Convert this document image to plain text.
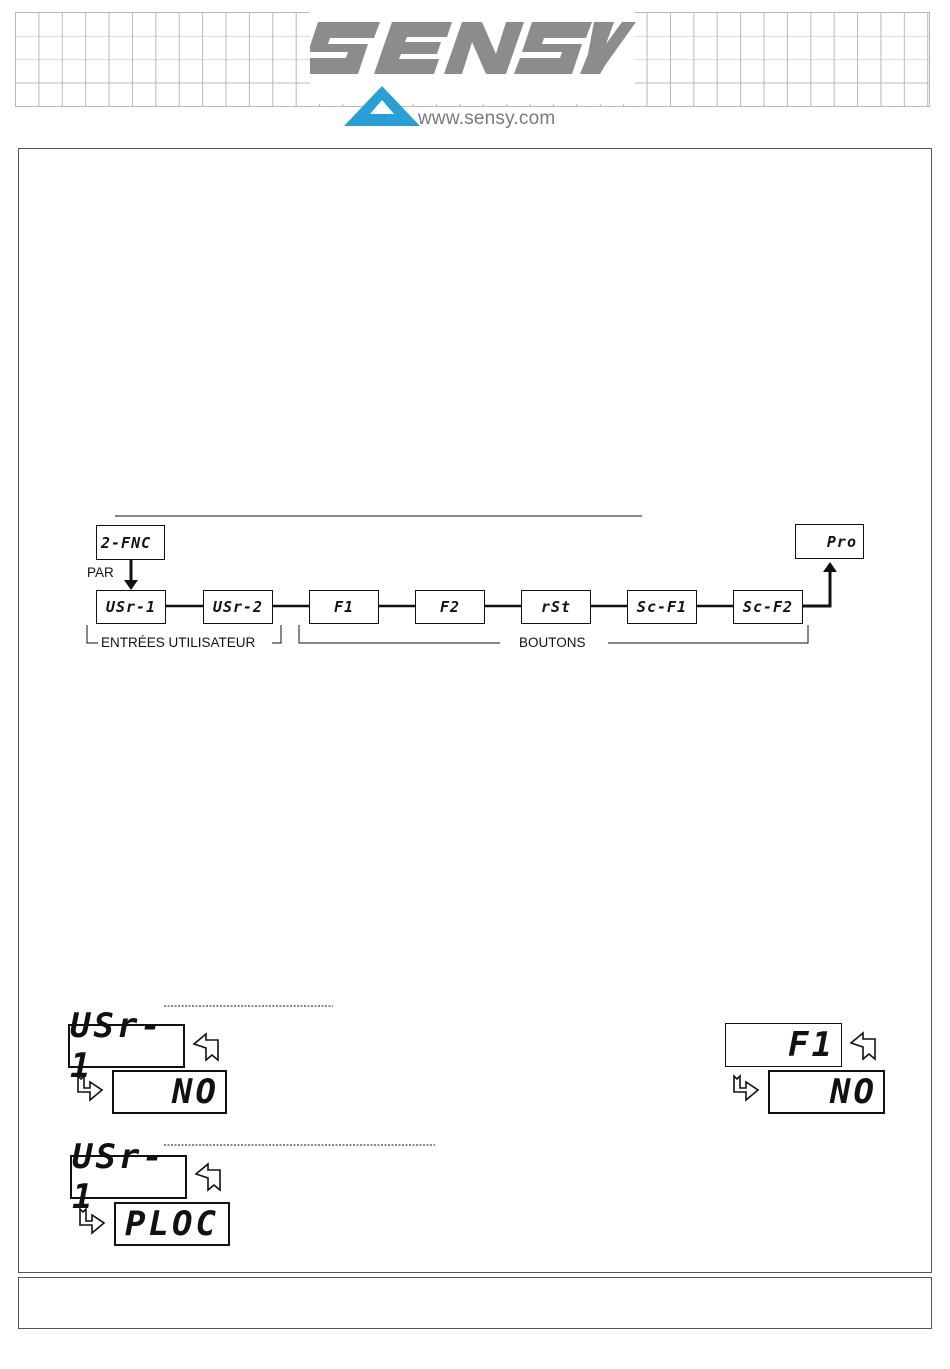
www.sensy.com
2-FNC
PAR
Pro
USr-1	USr-2	F1	F2	rSt	Sc-F1	Sc-F2
ENTRÉES UTILISATEUR	BOUTONS
USr-1
NO
F1
NO
USr-1
PLOC
